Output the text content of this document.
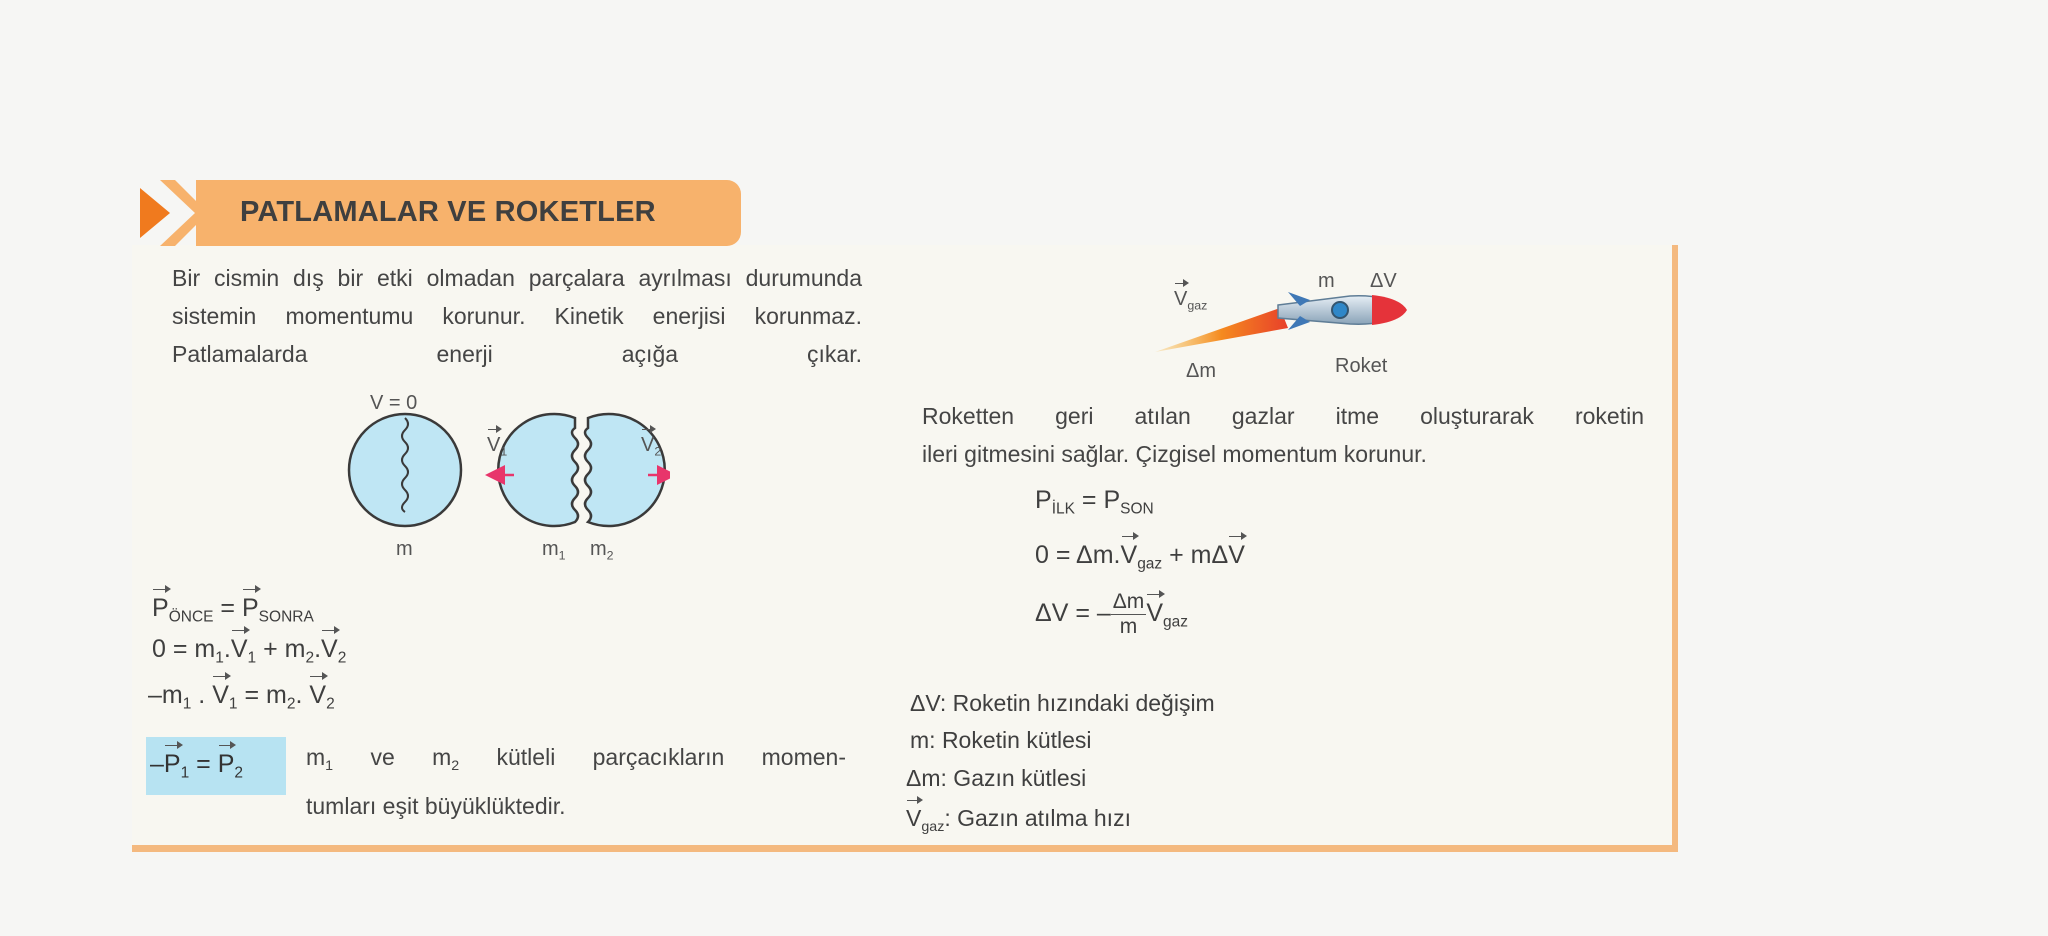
PATLAMALAR VE ROKETLER
Bir cismin dış bir etki olmadan parçalara ayrılması durumunda sistemin momentumu korunur. Kinetik enerjisi korunmaz. Patlamalarda enerji açığa çıkar.
V = 0
m
$V_1$	$V_2$
$m_1$ $m_2$
$P_{ÖNCE} = P_{SONRA}$
$0 = m_1.V_1 + m_2.V_2$
$-m_1$ . $V_1 = m_2$. $V_2$
$-P_1 = P_2$
$m_1$ ve $m_2$ kütleli parçacıkların momen-
tumları eşit büyüklüktedir.
$V_{gaz}$
m ΔV
Δm	Roket
Roketten geri atılan gazlar itme oluşturarak roketin
ileri gitmesini sağlar. Çizgisel momentum korunur.
$P_{İLK} = P_{SON}$
$0 = \Delta m.V_{gaz} + m\Delta V$
ΔV = – $\frac{\Delta m}{m} V_{gaz}$
ΔV: Roketin hızındaki değişim
m: Roketin kütlesi
Δm: Gazın kütlesi
$V_{gaz}$: Gazın atılma hızı
